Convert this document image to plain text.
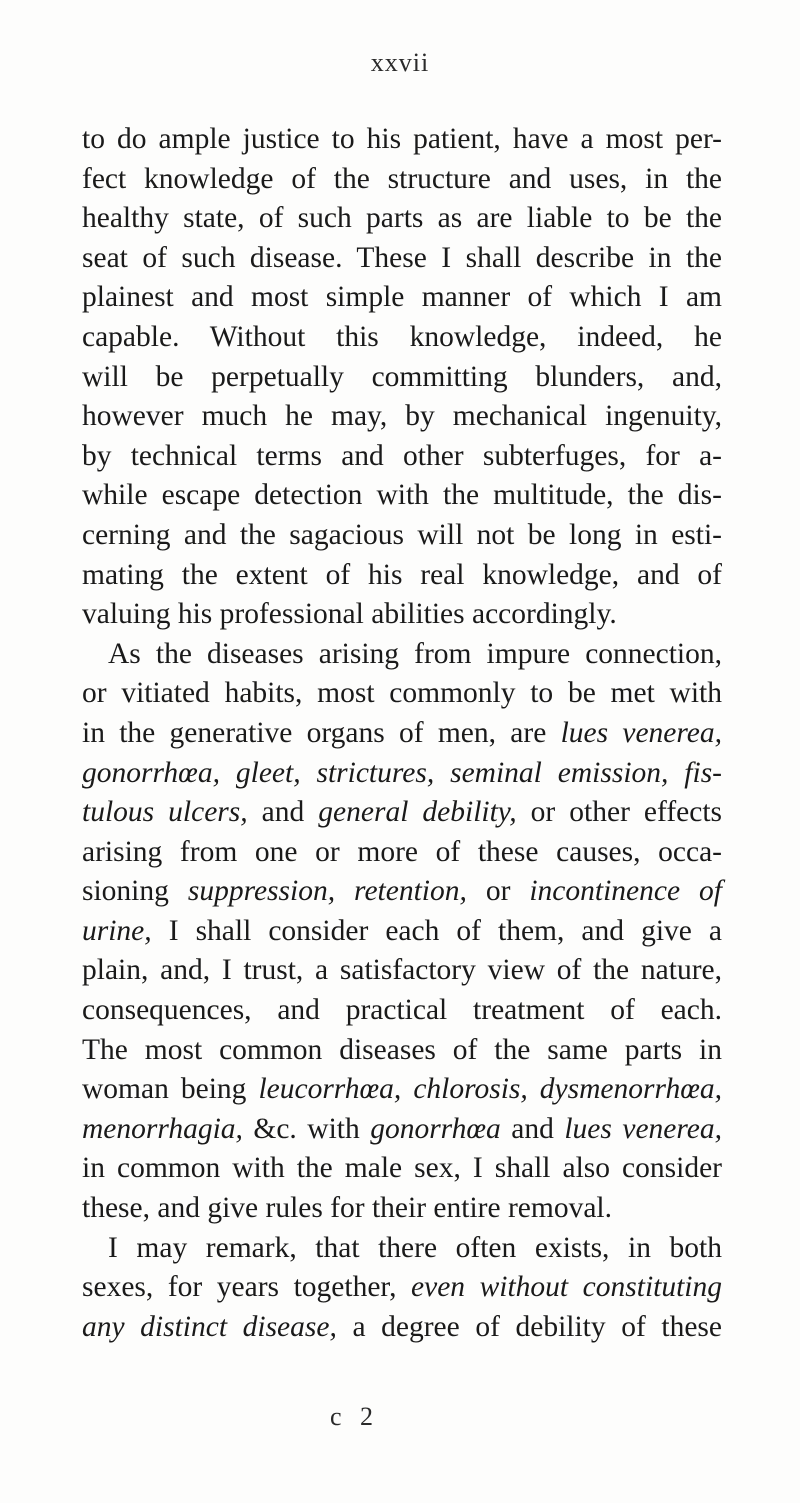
xxvii
to do ample justice to his patient, have a most per-
fect knowledge of the structure and uses, in the
healthy state, of such parts as are liable to be the
seat of such disease. These I shall describe in the
plainest and most simple manner of which I am
capable. Without this knowledge, indeed, he
will be perpetually committing blunders, and,
however much he may, by mechanical ingenuity,
by technical terms and other subterfuges, for a-
while escape detection with the multitude, the dis-
cerning and the sagacious will not be long in esti-
mating the extent of his real knowledge, and of
valuing his professional abilities accordingly.
As the diseases arising from impure connection,
or vitiated habits, most commonly to be met with
in the generative organs of men, are lues venerea,
gonorrhœa, gleet, strictures, seminal emission, fis-
tulous ulcers, and general debility, or other effects
arising from one or more of these causes, occa-
sioning suppression, retention, or incontinence of
urine, I shall consider each of them, and give a
plain, and, I trust, a satisfactory view of the nature,
consequences, and practical treatment of each.
The most common diseases of the same parts in
woman being leucorrhœa, chlorosis, dysmenorrhœa,
menorrhagia, &c. with gonorrhœa and lues venerea,
in common with the male sex, I shall also consider
these, and give rules for their entire removal.
I may remark, that there often exists, in both
sexes, for years together, even without constituting
any distinct disease, a degree of debility of these
c 2
